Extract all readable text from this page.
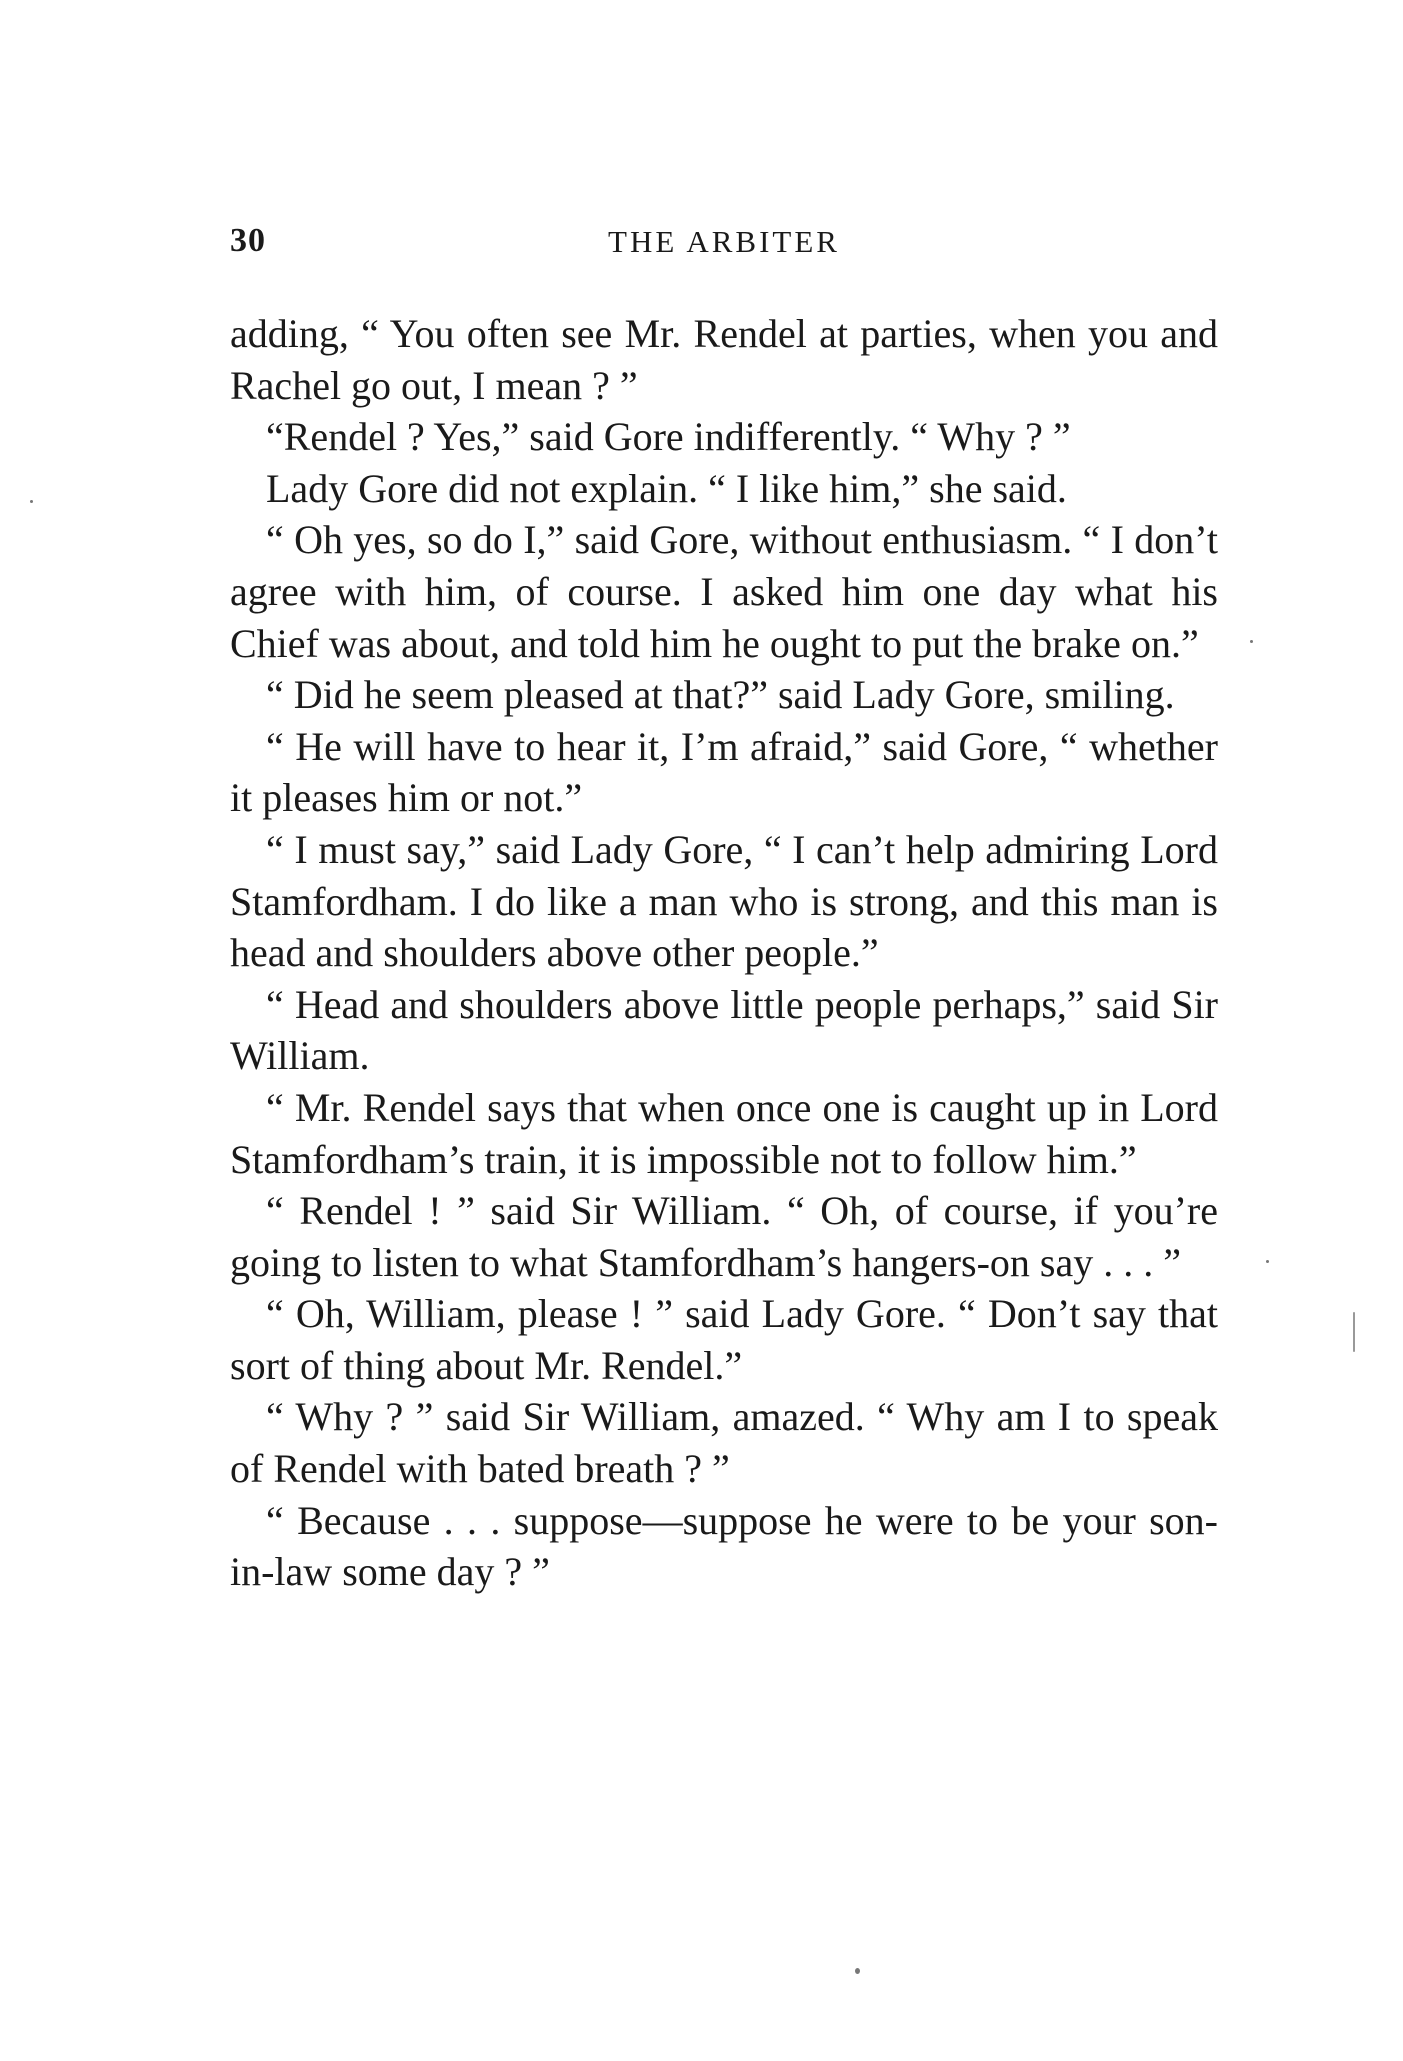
30	THE ARBITER

adding, “ You often see Mr. Rendel at parties, when you and Rachel go out, I mean ? ”

“Rendel ? Yes,” said Gore indifferently. “ Why ? ”

Lady Gore did not explain. “ I like him,” she said.

“ Oh yes, so do I,” said Gore, without enthusiasm. “ I don’t agree with him, of course. I asked him one day what his Chief was about, and told him he ought to put the brake on.”

“ Did he seem pleased at that?” said Lady Gore, smiling.

“ He will have to hear it, I’m afraid,” said Gore, “ whether it pleases him or not.”

“ I must say,” said Lady Gore, “ I can’t help admiring Lord Stamfordham. I do like a man who is strong, and this man is head and shoulders above other people.”

“ Head and shoulders above little people perhaps,” said Sir William.

“ Mr. Rendel says that when once one is caught up in Lord Stamfordham’s train, it is impossible not to follow him.”

“ Rendel ! ” said Sir William. “ Oh, of course, if you’re going to listen to what Stamfordham’s hangers-on say . . . ”

“ Oh, William, please ! ” said Lady Gore. “ Don’t say that sort of thing about Mr. Rendel.”

“ Why ? ” said Sir William, amazed. “ Why am I to speak of Rendel with bated breath ? ”

“ Because . . . suppose—suppose he were to be your son-in-law some day ? ”
